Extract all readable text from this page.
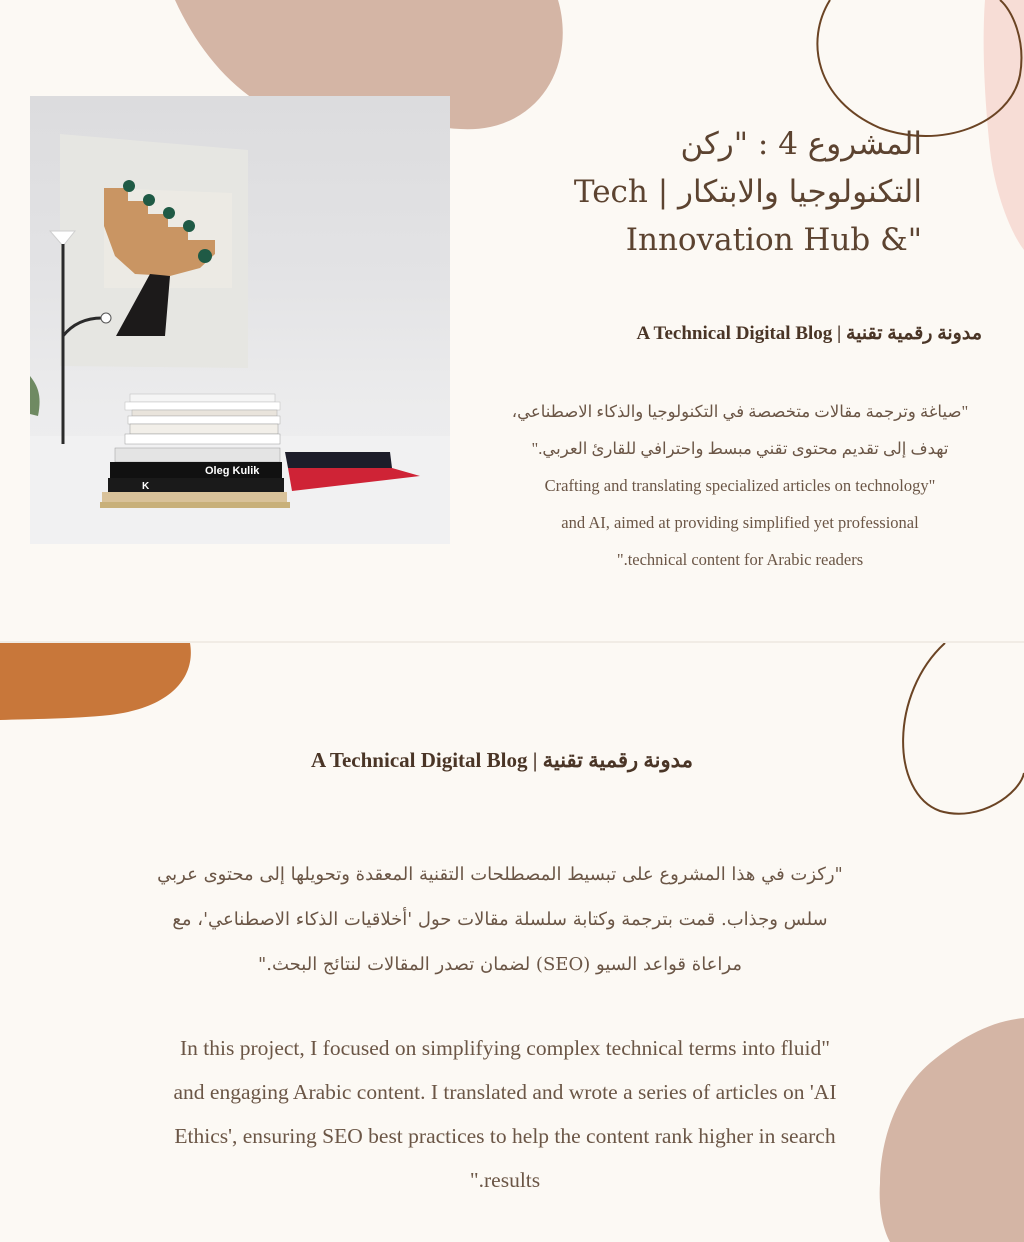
Oleg Kulik
K
المشروع 4 : "ركن
التكنولوجيا والابتكار | Tech
"& Innovation Hub
A Technical Digital Blog | مدونة رقمية تقنية
"صياغة وترجمة مقالات متخصصة في التكنولوجيا والذكاء الاصطناعي،
تهدف إلى تقديم محتوى تقني مبسط واحترافي للقارئ العربي."
Crafting and translating specialized articles on technology"
and AI, aimed at providing simplified yet professional
".technical content for Arabic readers
A Technical Digital Blog | مدونة رقمية تقنية
"ركزت في هذا المشروع على تبسيط المصطلحات التقنية المعقدة وتحويلها إلى محتوى عربي
سلس وجذاب. قمت بترجمة وكتابة سلسلة مقالات حول 'أخلاقيات الذكاء الاصطناعي'، مع
مراعاة قواعد السيو (SEO) لضمان تصدر المقالات لنتائج البحث."
In this project, I focused on simplifying complex technical terms into fluid"
and engaging Arabic content. I translated and wrote a series of articles on 'AI
Ethics', ensuring SEO best practices to help the content rank higher in search
".results
